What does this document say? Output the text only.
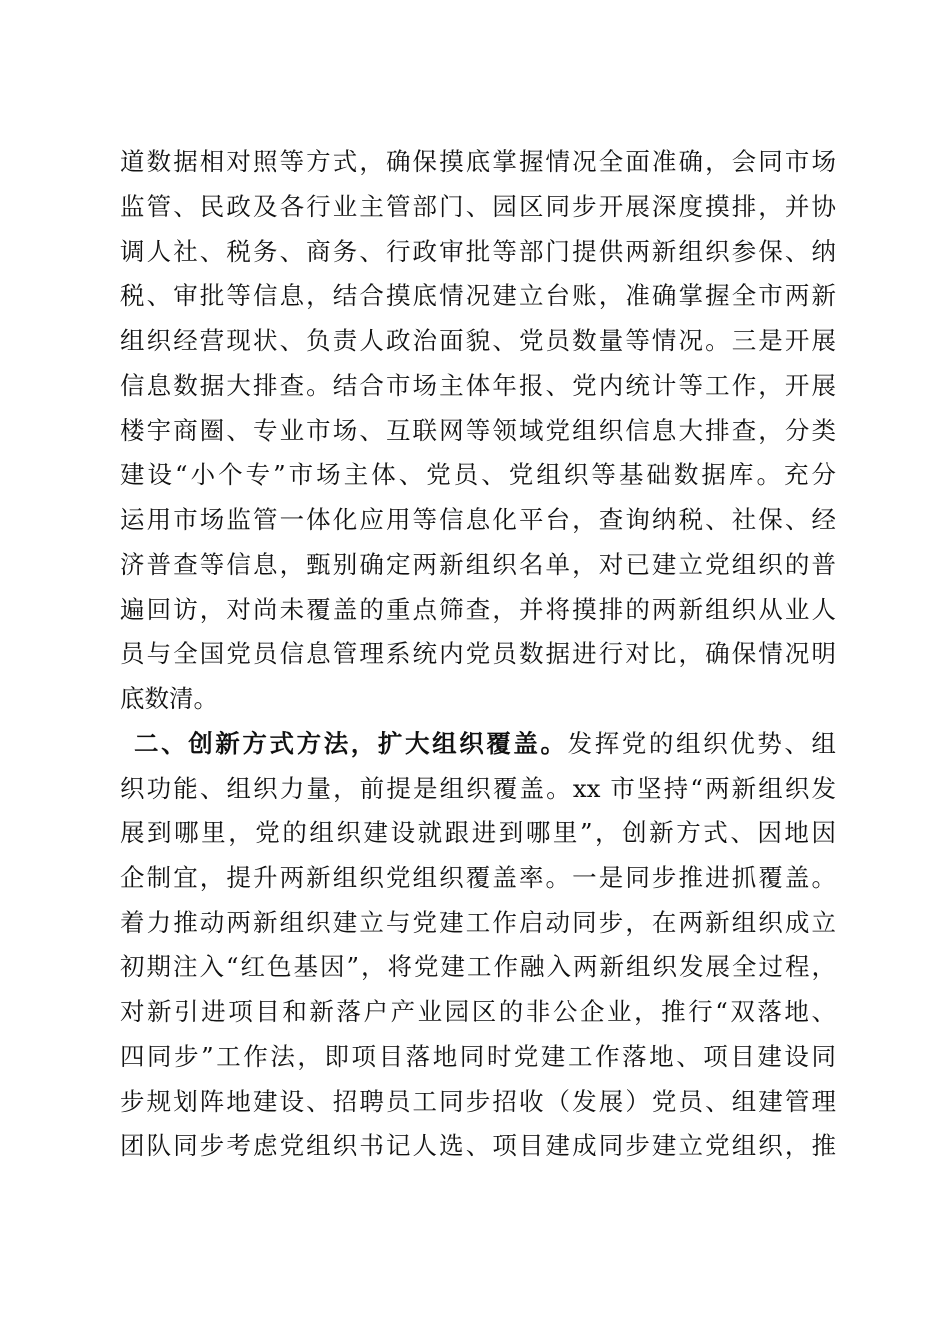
道数据相对照等方式，确保摸底掌握情况全面准确，会同市场
监管、民政及各行业主管部门、园区同步开展深度摸排，并协
调人社、税务、商务、行政审批等部门提供两新组织参保、纳
税、审批等信息，结合摸底情况建立台账，准确掌握全市两新
组织经营现状、负责人政治面貌、党员数量等情况。三是开展
信息数据大排查。结合市场主体年报、党内统计等工作，开展
楼宇商圈、专业市场、互联网等领域党组织信息大排查，分类
建设“小个专”市场主体、党员、党组织等基础数据库。充分
运用市场监管一体化应用等信息化平台，查询纳税、社保、经
济普查等信息，甄别确定两新组织名单，对已建立党组织的普
遍回访，对尚未覆盖的重点筛查，并将摸排的两新组织从业人
员与全国党员信息管理系统内党员数据进行对比，确保情况明
底数清。
二、创新方式方法，扩大组织覆盖。发挥党的组织优势、组
织功能、组织力量，前提是组织覆盖。xx 市坚持“两新组织发
展到哪里，党的组织建设就跟进到哪里”，创新方式、因地因
企制宜，提升两新组织党组织覆盖率。一是同步推进抓覆盖。
着力推动两新组织建立与党建工作启动同步，在两新组织成立
初期注入“红色基因”，将党建工作融入两新组织发展全过程，
对新引进项目和新落户产业园区的非公企业，推行“双落地、
四同步”工作法，即项目落地同时党建工作落地、项目建设同
步规划阵地建设、招聘员工同步招收（发展）党员、组建管理
团队同步考虑党组织书记人选、项目建成同步建立党组织，推
